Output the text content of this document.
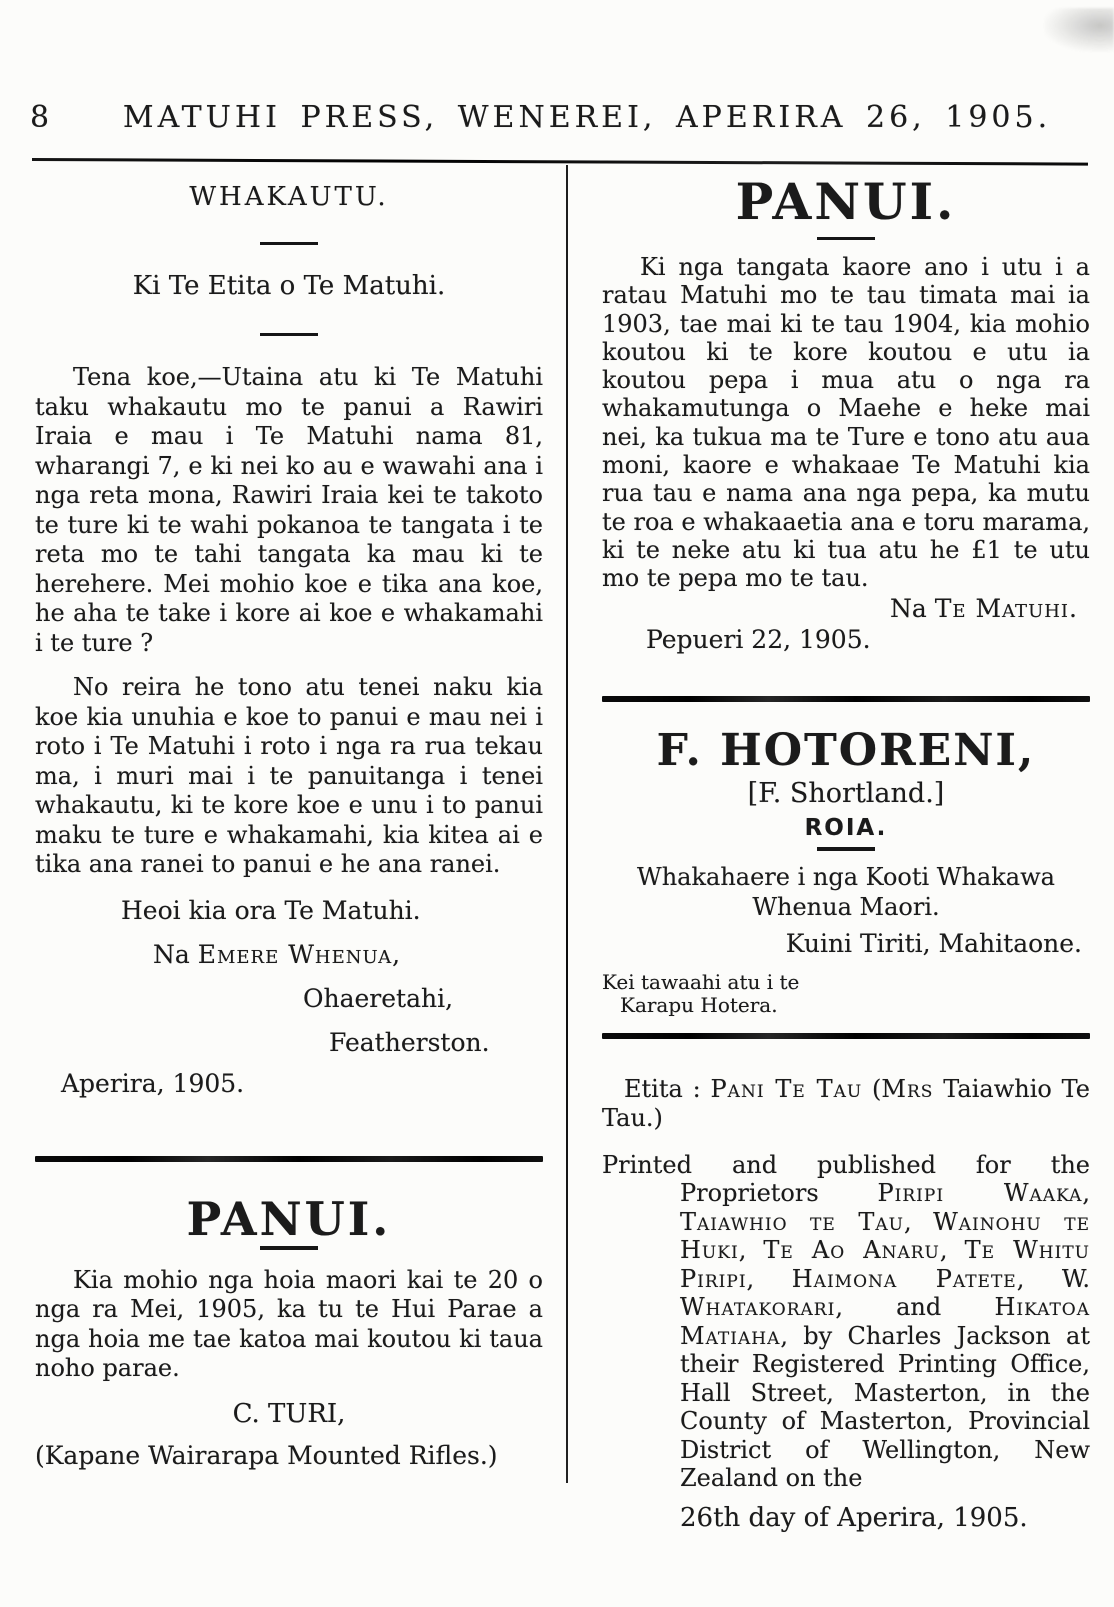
8 MATUHI PRESS, WENEREI, APERIRA 26, 1905.
WHAKAUTU.
Ki Te Etita o Te Matuhi.

Tena koe,—Utaina atu ki Te Matuhi taku whakautu mo te panui a Rawiri Iraia e mau i Te Matuhi nama 81, wharangi 7, e ki nei ko au e wawahi ana i nga reta mona, Rawiri Iraia kei te takoto te ture ki te wahi pokanoa te tangata i te reta mo te tahi tangata ka mau ki te herehere. Mei mohio koe e tika ana koe, he aha te take i kore ai koe e whakamahi i te ture ?

No reira he tono atu tenei naku kia koe kia unuhia e koe to panui e mau nei i roto i Te Matuhi i roto i nga ra rua tekau ma, i muri mai i te panuitanga i tenei whakautu, ki te kore koe e unu i to panui maku te ture e whakamahi, kia kitea ai e tika ana ranei to panui e he ana ranei.

Heoi kia ora Te Matuhi.

Na Emere Whenua,

Ohaeretahi,

Featherston.

Aperira, 1905.

PANUI.

Kia mohio nga hoia maori kai te 20 o nga ra Mei, 1905, ka tu te Hui Parae a nga hoia me tae katoa mai koutou ki taua noho parae.

C. TURI,

(Kapane Wairarapa Mounted Rifles.)

PANUI.

Ki nga tangata kaore ano i utu i a ratau Matuhi mo te tau timata mai ia 1903, tae mai ki te tau 1904, kia mohio koutou ki te kore koutou e utu ia koutou pepa i mua atu o nga ra whakamutunga o Maehe e heke mai nei, ka tukua ma te Ture e tono atu aua moni, kaore e whakaae Te Matuhi kia rua tau e nama ana nga pepa, ka mutu te roa e whakaaetia ana e toru marama, ki te neke atu ki tua atu he £1 te utu mo te pepa mo te tau.

Na Te Matuhi.

Pepueri 22, 1905.

F. HOTORENI,
[F. Shortland.]
ROIA.

Whakahaere i nga Kooti Whakawa Whenua Maori.

Kuini Tiriti, Mahitaone.

Kei tawaahi atu i te

Karapu Hotera.

Etita : Pani Te Tau (Mrs Taiawhio Te Tau.)

Printed and published for the Proprietors Piripi Waaka, Taiawhio te Tau, Wainohu te Huki, Te Ao Anaru, Te Whitu Piripi, Haimona Patete, W. Whatakorari, and Hikatoa Matiaha, by Charles Jackson at their Registered Printing Office, Hall Street, Masterton, in the County of Masterton, Provincial District of Wellington, New Zealand on the

26th day of Aperira, 1905.
